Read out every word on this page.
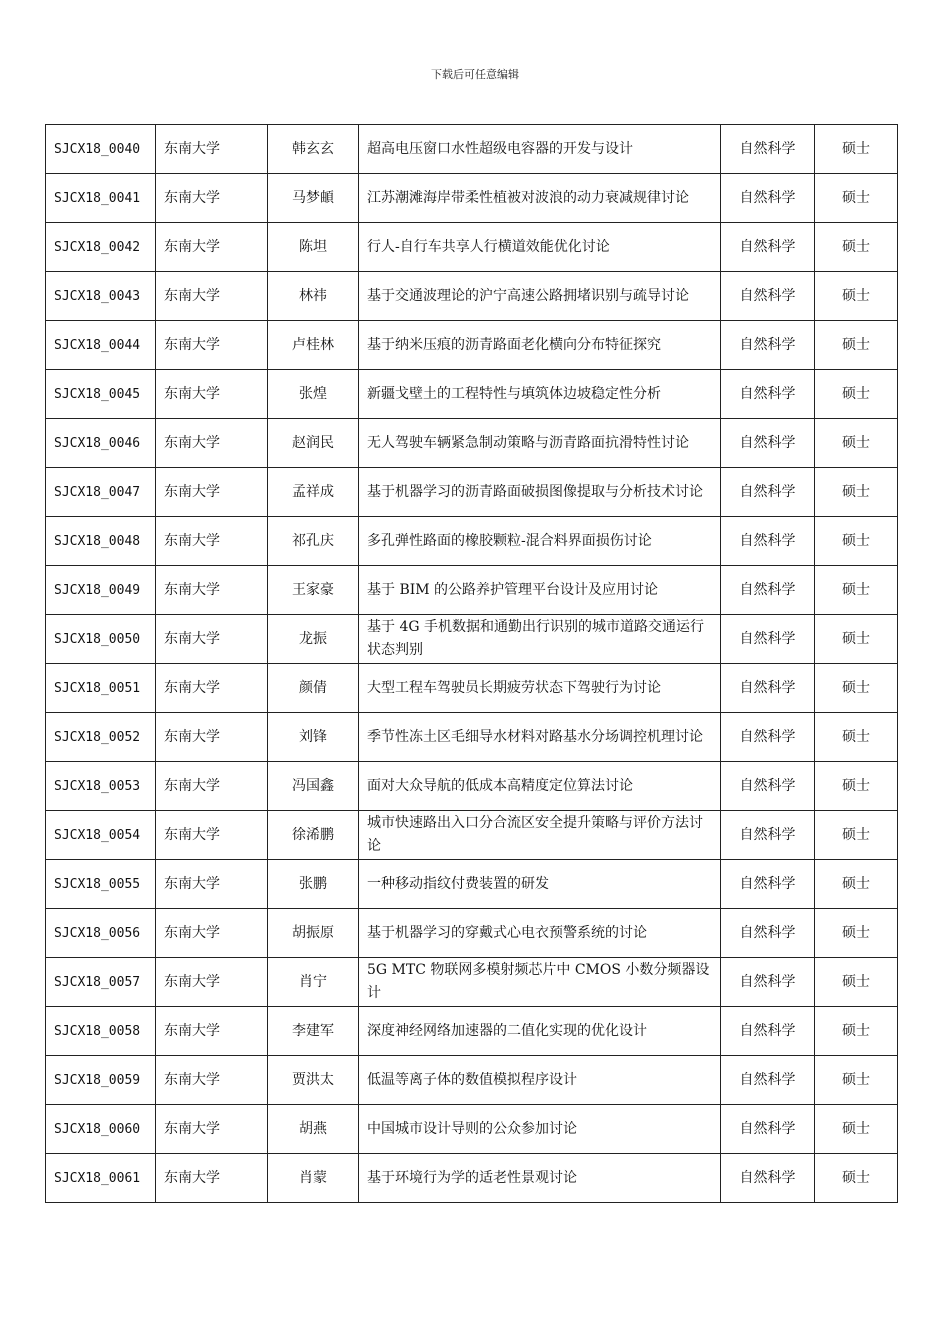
下载后可任意编辑
SJCX18_0040	东南大学	韩玄玄	超高电压窗口水性超级电容器的开发与设计	自然科学	硕士
SJCX18_0041	东南大学	马梦頔	江苏潮滩海岸带柔性植被对波浪的动力衰减规律讨论	自然科学	硕士
SJCX18_0042	东南大学	陈坦	行人-自行车共享人行横道效能优化讨论	自然科学	硕士
SJCX18_0043	东南大学	林祎	基于交通波理论的沪宁高速公路拥堵识别与疏导讨论	自然科学	硕士
SJCX18_0044	东南大学	卢桂林	基于纳米压痕的沥青路面老化横向分布特征探究	自然科学	硕士
SJCX18_0045	东南大学	张煌	新疆戈壁土的工程特性与填筑体边坡稳定性分析	自然科学	硕士
SJCX18_0046	东南大学	赵润民	无人驾驶车辆紧急制动策略与沥青路面抗滑特性讨论	自然科学	硕士
SJCX18_0047	东南大学	孟祥成	基于机器学习的沥青路面破损图像提取与分析技术讨论	自然科学	硕士
SJCX18_0048	东南大学	祁孔庆	多孔弹性路面的橡胶颗粒-混合料界面损伤讨论	自然科学	硕士
SJCX18_0049	东南大学	王家豪	基于 BIM 的公路养护管理平台设计及应用讨论	自然科学	硕士
SJCX18_0050	东南大学	龙振	基于 4G 手机数据和通勤出行识别的城市道路交通运行状态判别	自然科学	硕士
SJCX18_0051	东南大学	颜倩	大型工程车驾驶员长期疲劳状态下驾驶行为讨论	自然科学	硕士
SJCX18_0052	东南大学	刘锋	季节性冻土区毛细导水材料对路基水分场调控机理讨论	自然科学	硕士
SJCX18_0053	东南大学	冯国鑫	面对大众导航的低成本高精度定位算法讨论	自然科学	硕士
SJCX18_0054	东南大学	徐浠鹏	城市快速路出入口分合流区安全提升策略与评价方法讨论	自然科学	硕士
SJCX18_0055	东南大学	张鹏	一种移动指纹付费装置的研发	自然科学	硕士
SJCX18_0056	东南大学	胡振原	基于机器学习的穿戴式心电衣预警系统的讨论	自然科学	硕士
SJCX18_0057	东南大学	肖宁	5G MTC 物联网多模射频芯片中 CMOS 小数分频器设计	自然科学	硕士
SJCX18_0058	东南大学	李建军	深度神经网络加速器的二值化实现的优化设计	自然科学	硕士
SJCX18_0059	东南大学	贾洪太	低温等离子体的数值模拟程序设计	自然科学	硕士
SJCX18_0060	东南大学	胡燕	中国城市设计导则的公众参加讨论	自然科学	硕士
SJCX18_0061	东南大学	肖蒙	基于环境行为学的适老性景观讨论	自然科学	硕士
